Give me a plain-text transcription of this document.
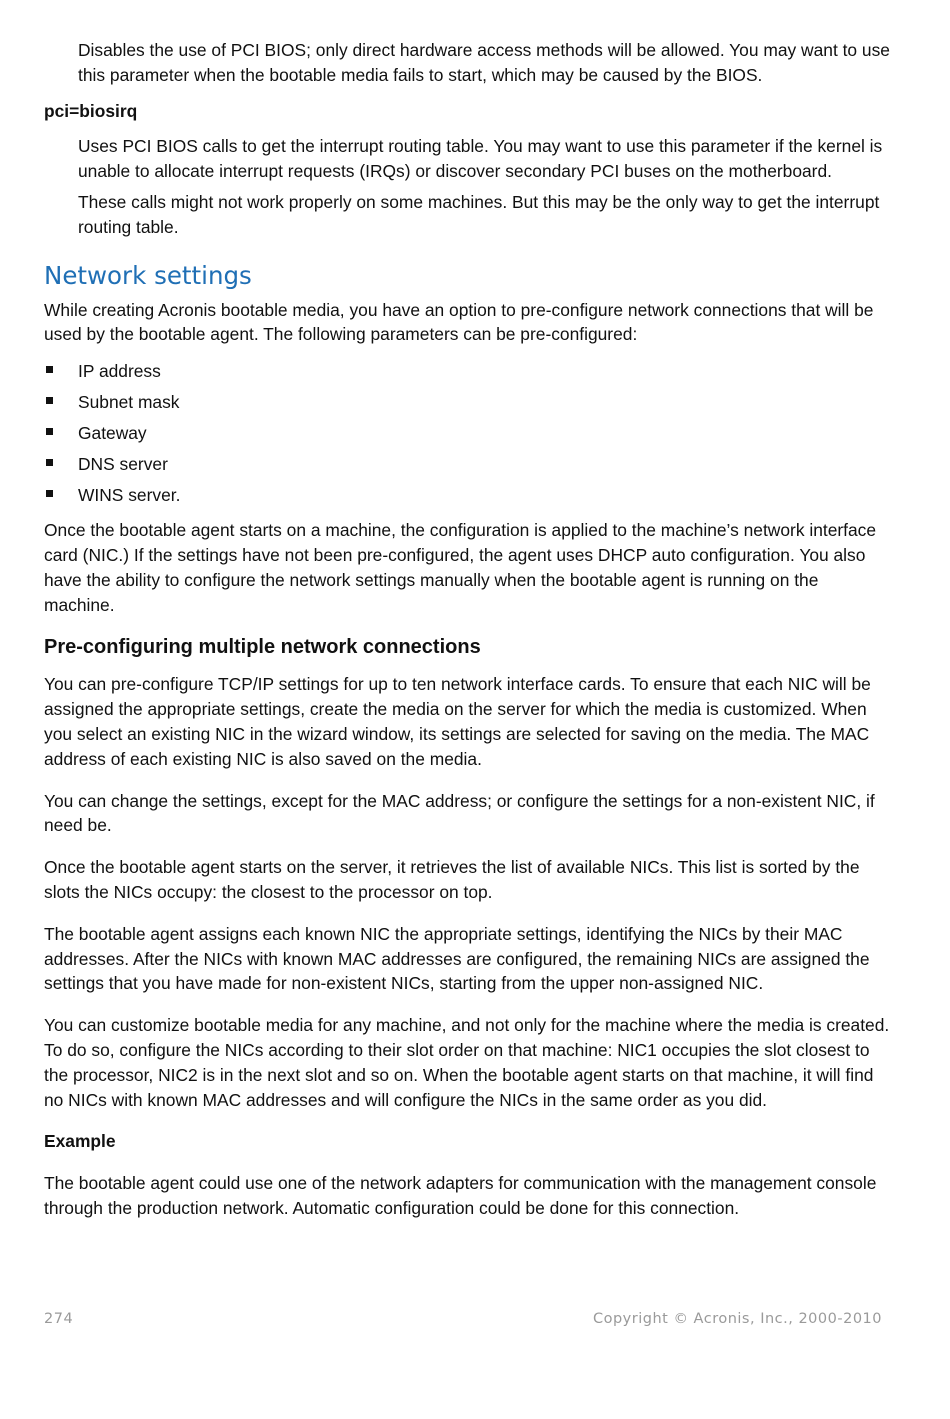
Disables the use of PCI BIOS; only direct hardware access methods will be allowed. You may want to use this parameter when the bootable media fails to start, which may be caused by the BIOS.

pci=biosirq

Uses PCI BIOS calls to get the interrupt routing table. You may want to use this parameter if the kernel is unable to allocate interrupt requests (IRQs) or discover secondary PCI buses on the motherboard.

These calls might not work properly on some machines. But this may be the only way to get the interrupt routing table.

Network settings

While creating Acronis bootable media, you have an option to pre-configure network connections that will be used by the bootable agent. The following parameters can be pre-configured:

IP address
Subnet mask
Gateway
DNS server
WINS server.

Once the bootable agent starts on a machine, the configuration is applied to the machine’s network interface card (NIC.) If the settings have not been pre-configured, the agent uses DHCP auto configuration. You also have the ability to configure the network settings manually when the bootable agent is running on the machine.

Pre-configuring multiple network connections

You can pre-configure TCP/IP settings for up to ten network interface cards. To ensure that each NIC will be assigned the appropriate settings, create the media on the server for which the media is customized. When you select an existing NIC in the wizard window, its settings are selected for saving on the media. The MAC address of each existing NIC is also saved on the media.

You can change the settings, except for the MAC address; or configure the settings for a non-existent NIC, if need be.

Once the bootable agent starts on the server, it retrieves the list of available NICs. This list is sorted by the slots the NICs occupy: the closest to the processor on top.

The bootable agent assigns each known NIC the appropriate settings, identifying the NICs by their MAC addresses. After the NICs with known MAC addresses are configured, the remaining NICs are assigned the settings that you have made for non-existent NICs, starting from the upper non-assigned NIC.

You can customize bootable media for any machine, and not only for the machine where the media is created. To do so, configure the NICs according to their slot order on that machine: NIC1 occupies the slot closest to the processor, NIC2 is in the next slot and so on. When the bootable agent starts on that machine, it will find no NICs with known MAC addresses and will configure the NICs in the same order as you did.

Example

The bootable agent could use one of the network adapters for communication with the management console through the production network. Automatic configuration could be done for this connection.

274	Copyright © Acronis, Inc., 2000-2010
